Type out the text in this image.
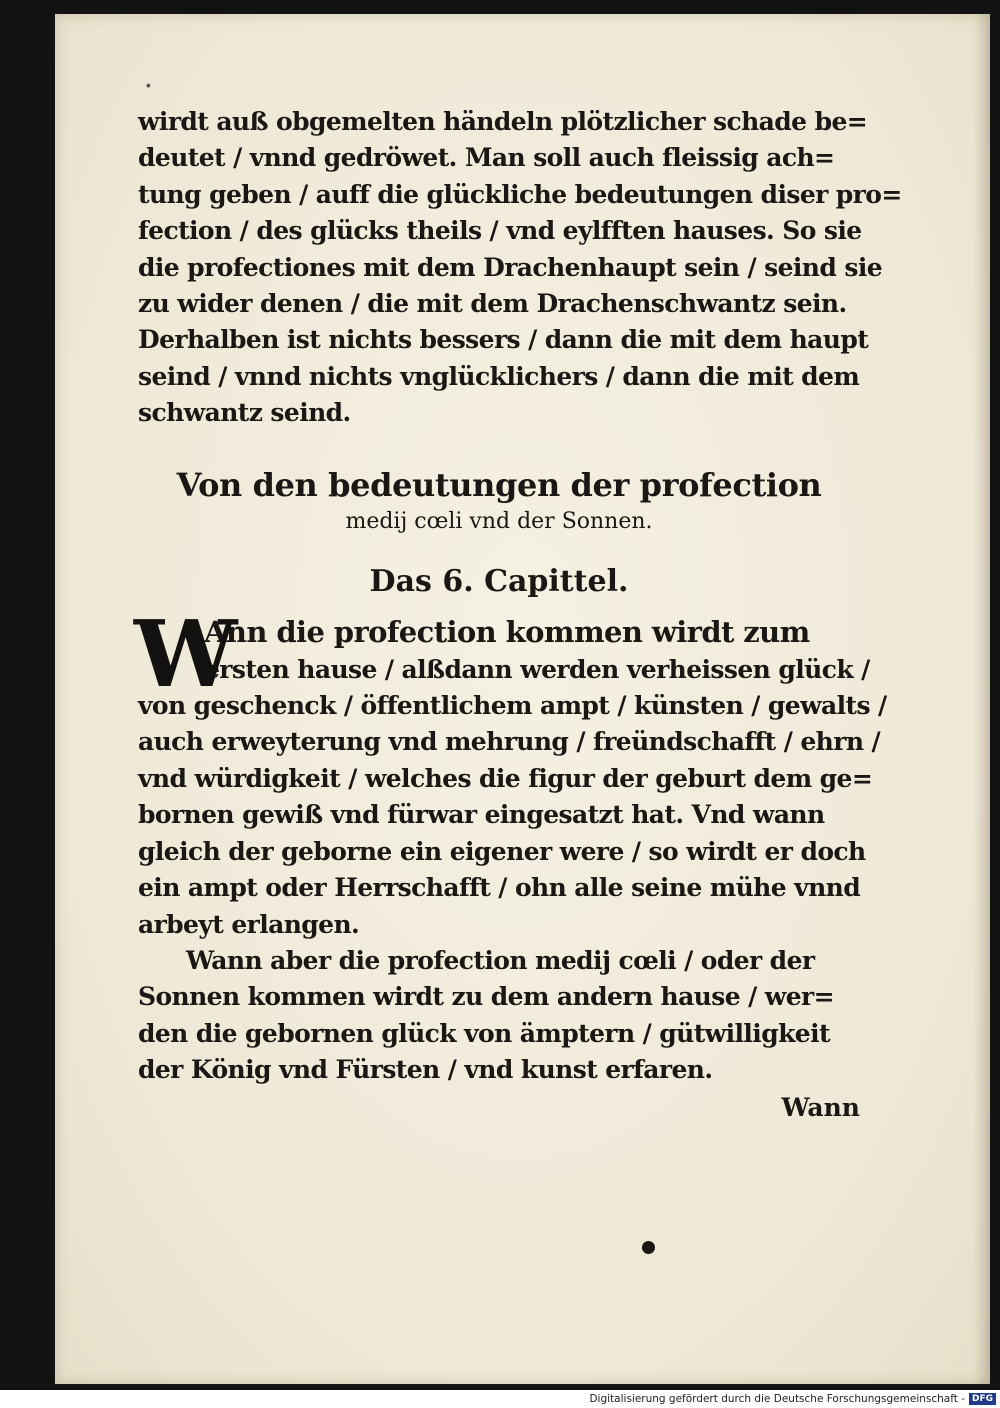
∙

wirdt auß obgemelten händeln plötzlicher schade be=
deutet / vnnd gedröwet. Man soll auch fleissig ach=
tung geben / auff die glückliche bedeutungen diser pro=
fection / des glücks theils / vnd eylfften hauses. So sie
die profectiones mit dem Drachenhaupt sein / seind sie
zu wider denen / die mit dem Drachenschwantz sein.
Derhalben ist nichts bessers / dann die mit dem haupt
seind / vnnd nichts vnglücklichers / dann die mit dem
schwantz seind.

Von den bedeutungen der profection
medij cœli vnd der Sonnen.
Das 6. Capittel.

W
Ann die profection kommen wirdt zum
ersten hause / alßdann werden verheissen glück /
von geschenck / öffentlichem ampt / künsten / gewalts /
auch erweyterung vnd mehrung / freündschafft / ehrn /
vnd würdigkeit / welches die figur der geburt dem ge=
bornen gewiß vnd fürwar eingesatzt hat. Vnd wann
gleich der geborne ein eigener were / so wirdt er doch
ein ampt oder Herrschafft / ohn alle seine mühe vnnd
arbeyt erlangen.

Wann aber die profection medij cœli / oder der
Sonnen kommen wirdt zu dem andern hause / wer=
den die gebornen glück von ämptern / gütwilligkeit
der König vnd Fürsten / vnd kunst erfaren.

Wann
Digitalisierung gefördert durch die Deutsche Forschungsgemeinschaft - DFG
